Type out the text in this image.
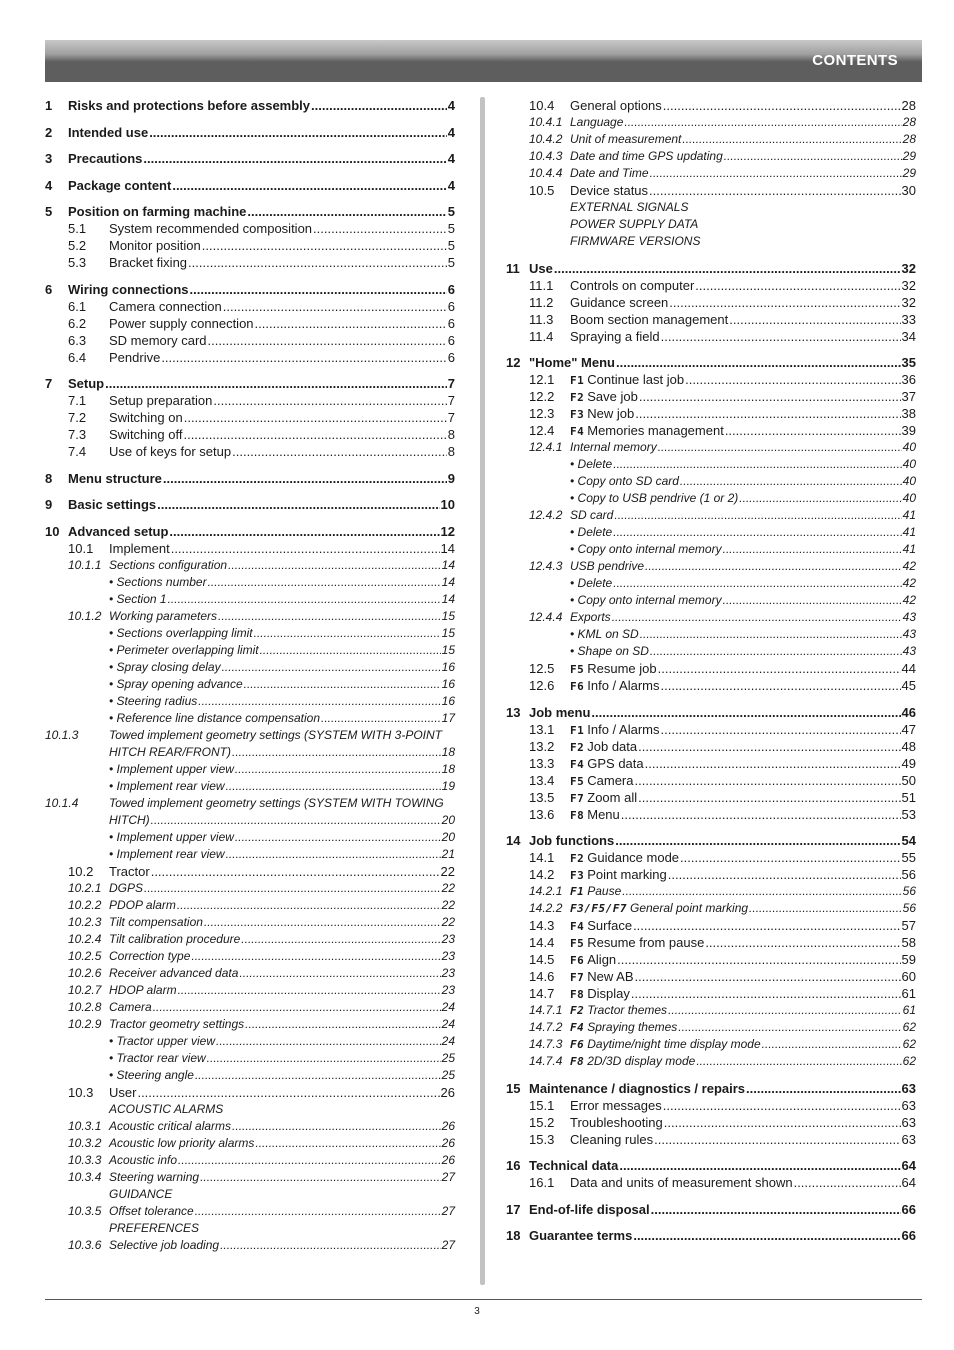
CONTENTS
1 Risks and protections before assembly .....	4
2 Intended use .....	4
3 Precautions .....	4
4 Package content .....	4
5 Position on farming machine .....	5
5.1 System recommended composition .....	5
5.2 Monitor position .....	5
5.3 Bracket fixing .....	5
6 Wiring connections .....	6
6.1 Camera connection .....	6
6.2 Power supply connection .....	6
6.3 SD memory card .....	6
6.4 Pendrive .....	6
7 Setup .....	7
7.1 Setup preparation .....	7
7.2 Switching on .....	7
7.3 Switching off .....	8
7.4 Use of keys for setup .....	8
8 Menu structure .....	9
9 Basic settings .....	10
10 Advanced setup .....	12
10.1 Implement .....	14
10.1.1 Sections configuration .....	14
• Sections number .....	14
• Section 1 .....	14
10.1.2 Working parameters .....	15
• Sections overlapping limit .....	15
• Perimeter overlapping limit .....	15
• Spray closing delay .....	16
• Spray opening advance .....	16
• Steering radius .....	16
• Reference line distance compensation .....	17
10.1.3	Towed implement geometry settings (SYSTEM WITH 3-POINT
HITCH REAR/FRONT) .....	18
• Implement upper view .....	18
• Implement rear view .....	19
10.1.4	Towed implement geometry settings (SYSTEM WITH TOWING
HITCH) .....	20
• Implement upper view .....	20
• Implement rear view .....	21
10.2 Tractor .....	22
10.2.1 DGPS .....	22
10.2.2 PDOP alarm .....	22
10.2.3 Tilt compensation .....	22
10.2.4 Tilt calibration procedure .....	23
10.2.5 Correction type .....	23
10.2.6 Receiver advanced data .....	23
10.2.7 HDOP alarm .....	23
10.2.8 Camera .....	24
10.2.9 Tractor geometry settings .....	24
• Tractor upper view .....	24
• Tractor rear view .....	25
• Steering angle .....	25
10.3 User .....	26
ACOUSTIC ALARMS
10.3.1 Acoustic critical alarms .....	26
10.3.2 Acoustic low priority alarms .....	26
10.3.3 Acoustic info .....	26
10.3.4 Steering warning .....	27
GUIDANCE
10.3.5 Offset tolerance .....	27
PREFERENCES
10.3.6 Selective job loading .....	27
10.4 General options .....	28
10.4.1 Language .....	28
10.4.2 Unit of measurement .....	28
10.4.3 Date and time GPS updating .....	29
10.4.4 Date and Time .....	29
10.5 Device status .....	30
EXTERNAL SIGNALS
POWER SUPPLY DATA
FIRMWARE VERSIONS
11 Use .....	32
11.1 Controls on computer .....	32
11.2 Guidance screen .....	32
11.3 Boom section management .....	33
11.4 Spraying a field .....	34
12 "Home" Menu .....	35
12.1 F1 Continue last job .....	36
12.2 F2 Save job .....	37
12.3 F3 New job .....	38
12.4 F4 Memories management .....	39
12.4.1 Internal memory .....	40
• Delete .....	40
• Copy onto SD card .....	40
• Copy to USB pendrive (1 or 2) .....	40
12.4.2 SD card .....	41
• Delete .....	41
• Copy onto internal memory .....	41
12.4.3 USB pendrive .....	42
• Delete .....	42
• Copy onto internal memory .....	42
12.4.4 Exports .....	43
• KML on SD .....	43
• Shape on SD .....	43
12.5 F5 Resume job .....	44
12.6 F6 Info / Alarms .....	45
13 Job menu .....	46
13.1 F1 Info / Alarms .....	47
13.2 F2 Job data .....	48
13.3 F4 GPS data .....	49
13.4 F5 Camera .....	50
13.5 F7 Zoom all .....	51
13.6 F8 Menu .....	53
14 Job functions .....	54
14.1 F2 Guidance mode .....	55
14.2 F3 Point marking .....	56
14.2.1 F1 Pause .....	56
14.2.2 F3/F5/F7 General point marking .....	56
14.3 F4 Surface .....	57
14.4 F5 Resume from pause .....	58
14.5 F6 Align .....	59
14.6 F7 New AB .....	60
14.7 F8 Display .....	61
14.7.1 F2 Tractor themes .....	61
14.7.2 F4 Spraying themes .....	62
14.7.3 F6 Daytime/night time display mode .....	62
14.7.4 F8 2D/3D display mode .....	62
15 Maintenance / diagnostics / repairs .....	63
15.1 Error messages .....	63
15.2 Troubleshooting .....	63
15.3 Cleaning rules .....	63
16 Technical data .....	64
16.1 Data and units of measurement shown .....	64
17 End-of-life disposal .....	66
18 Guarantee terms .....	66
3
